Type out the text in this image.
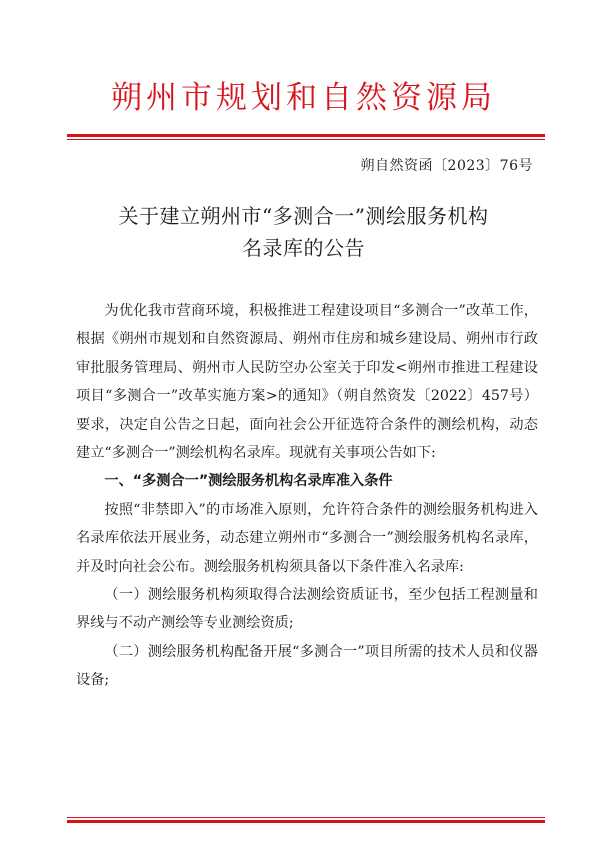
朔州市规划和自然资源局
朔自然资函〔2023〕76号
关于建立朔州市“多测合一”测绘服务机构
名录库的公告

为优化我市营商环境，积极推进工程建设项目“多测合一”改革工作，根据《朔州市规划和自然资源局、朔州市住房和城乡建设局、朔州市行政审批服务管理局、朔州市人民防空办公室关于印发<朔州市推进工程建设项目“多测合一”改革实施方案>的通知》（朔自然资发〔2022〕457号）要求，决定自公告之日起，面向社会公开征选符合条件的测绘机构，动态建立“多测合一”测绘机构名录库。现就有关事项公告如下:

一、“多测合一”测绘服务机构名录库准入条件

按照“非禁即入”的市场准入原则，允许符合条件的测绘服务机构进入名录库依法开展业务，动态建立朔州市“多测合一”测绘服务机构名录库，并及时向社会公布。测绘服务机构须具备以下条件准入名录库:

（一）测绘服务机构须取得合法测绘资质证书，至少包括工程测量和界线与不动产测绘等专业测绘资质;

（二）测绘服务机构配备开展“多测合一”项目所需的技术人员和仪器设备;
